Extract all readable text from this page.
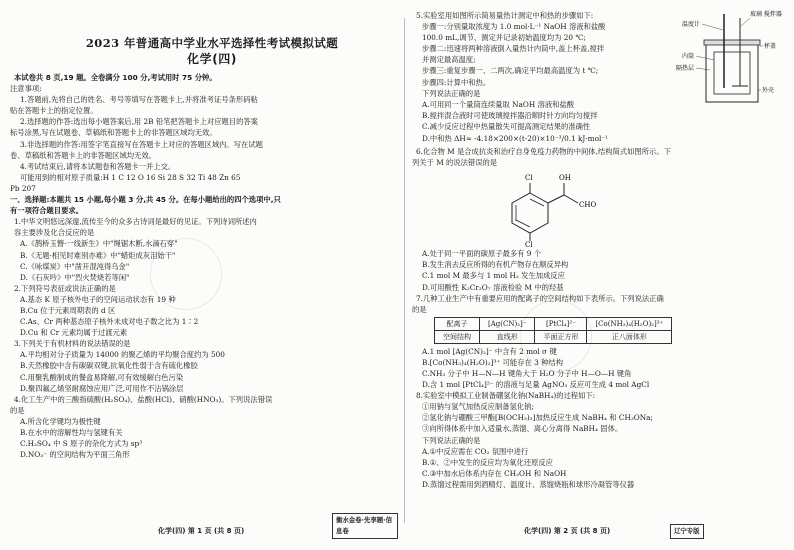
2023 年普通高中学业水平选择性考试模拟试题
化学(四)

本试卷共 8 页,19 题。全卷满分 100 分,考试用时 75 分钟。

注意事项:

1.答题前,先将自己的姓名、考号等填写在答题卡上,并将准考证号条形码粘

贴在答题卡上的指定位置。

2.选择题的作答:选出每小题答案后,用 2B 铅笔把答题卡上对应题目的答案

标号涂黑,写在试题卷、草稿纸和答题卡上的非答题区域均无效。

3.非选择题的作答:用签字笔直接写在答题卡上对应的答题区域内。写在试题

卷、草稿纸和答题卡上的非答题区域均无效。

4.考试结束后,请将本试题卷和答题卡一并上交。

可能用到的相对原子质量:H 1 C 12 O 16 Si 28 S 32 Ti 48 Zn 65

Pb 207

一、选择题:本题共 15 小题,每小题 3 分,共 45 分。在每小题给出的四个选项中,只

有一项符合题目要求。

1.中华文明悠远深邃,流传至今的众多古诗词是最好的见证。下列诗词所述内

容主要涉及化合反应的是

A.《鹊桥玉簪·一线新生》中"绳锯木断,水滴石穿"

B.《无题·相见时难别亦难》中"蜡炬成灰泪始干"

C.《咏煤炭》中"凿开混沌得乌金"

D.《石灰吟》中"烈火焚烧若等闲"

2.下列符号表征或说法正确的是

A.基态 K 原子核外电子的空间运动状态有 19 种

B.Cu 位于元素周期表的 d 区

C.As、Cr 两种基态原子核外未成对电子数之比为 1∶2

D.Cu 和 Cr 元素均属于过渡元素

3.下列关于有机材料的说法错误的是

A.平均相对分子质量为 14000 的聚乙烯的平均聚合度约为 500

B.天然橡胶中含有碳碳双键,抗氧化性弱于含有硫化橡胶

C.用聚乳酸制成的餐盒易降解,可有效缓解白色污染

D.聚四氟乙烯坚耐腐蚀应用广泛,可用作不沾锅涂层

4.化工生产中的三酸指硫酸(H₂SO₄)、盐酸(HCl)、硝酸(HNO₃)。下列说法错误

的是

A.所含化学键均为极性键

B.在水中的溶解性均与氢键有关

C.H₂SO₄ 中 S 原子的杂化方式为 sp³

D.NO₃⁻ 的空间结构为平面三角形

化学(四) 第 1 页 (共 8 页)
衡水金卷·先享题·信息卷
温度计
玻璃 搅拌器
杯盖
内筒
隔热层
外壳

5.实验室用如图所示简易量热计测定中和热的步骤如下:

步骤一:分别量取浓度为 1.0 mol·L⁻¹ NaOH 溶液和盐酸

100.0 mL,调节、测定并记录初始温度均为 20 ℃;

步骤二:迅速将两种溶液倒入量热计内筒中,盖上杯盖,搅拌

并测定最高温度;

步骤三:重复步骤一、二两次,确定平均最高温度为 t ℃;

步骤四:计算中和热。

下列说法正确的是

A.可用同一个量筒连续量取 NaOH 溶液和盐酸

B.搅拌混合液时可使玻璃搅拌器沿顺时针方向均匀搅拌

C.减少反应过程中热量散失可提高测定结果的准确性

D.中和热 ΔH≈ -4.18×200×(t-20)×10⁻³/0.1 kJ·mol⁻¹

6.化合物 M 是合成抗炎和治疗自身免疫力药物的中间体,结构简式如图所示。下

列关于 M 的说法错误的是

Cl
Cl
OH
CHO

A.处于同一平面的碳原子最多有 9 个

B.发生消去反应所得的有机产物存在顺反异构

C.1 mol M 最多与 1 mol H₂ 发生加成反应

D.可用酸性 K₂Cr₂O₇ 溶液检验 M 中的羟基

7.几种工业生产中有重要应用的配离子的空间结构如下表所示。下列说法正确

的是

配离子	[Ag(CN)₂]⁻	[PtCl₄]²⁻	[Co(NH₃)₄(H₂O)₂]³⁺
空间结构	直线形	平面正方形	正八面体形

A.1 mol [Ag(CN)₂]⁻ 中含有 2 mol σ 键

B.[Co(NH₃)₄(H₂O)₂]³⁺ 可能存在 3 种结构

C.NH₃ 分子中 H—N—H 键角大于 H₂O 分子中 H—O—H 键角

D.含 1 mol [PtCl₄]²⁻ 的溶液与足量 AgNO₃ 反应可生成 4 mol AgCl

8.实验室中模拟工业制备硼氢化钠(NaBH₄)的过程如下:

①用钠与氢气加热反应制备氢化钠;

②氢化钠与硼酸三甲酯[B(OCH₃)₃]加热反应生成 NaBH₄ 和 CH₃ONa;

③向所得体系中加入适量水,蒸馏、离心分离得 NaBH₄ 固体。

下列说法正确的是

A.①中反应需在 CO₂ 氛围中进行

B.①、②中发生的反应均为氧化还原反应

C.③中加水后体系内存在 CH₃OH 和 NaOH

D.蒸馏过程需用到酒精灯、温度计、蒸馏烧瓶和球形冷凝管等仪器

化学(四) 第 2 页 (共 8 页)	辽宁专版
